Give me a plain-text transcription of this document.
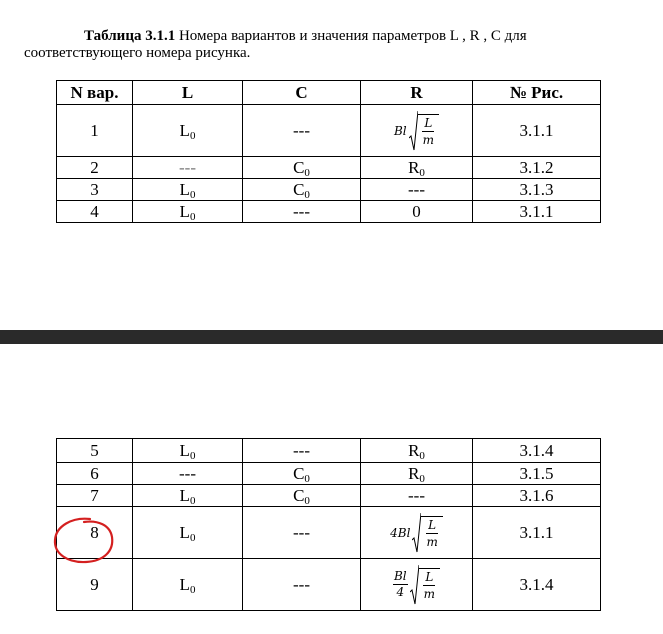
Таблица 3.1.1 Номера вариантов и значения параметров L , R , C для
соответствующего номера рисунка.
N вар.	L	C	R	№ Рис.
1	$L_0$	---	Bl $\frac{L}{m}$	3.1.1
2	---	$C_0$	$R_0$	3.1.2
3	$L_0$	$C_0$	---	3.1.3
4	$L_0$	---	0	3.1.1
5	$L_0$	---	$R_0$	3.1.4
6	---	$C_0$	$R_0$	3.1.5
7	$L_0$	$C_0$	---	3.1.6
8	$L_0$	---	$4Bl \frac{L}{m}$	3.1.1
9	$L_0$	---	$\frac{Bl}{4} \frac{L}{m}$	3.1.4
